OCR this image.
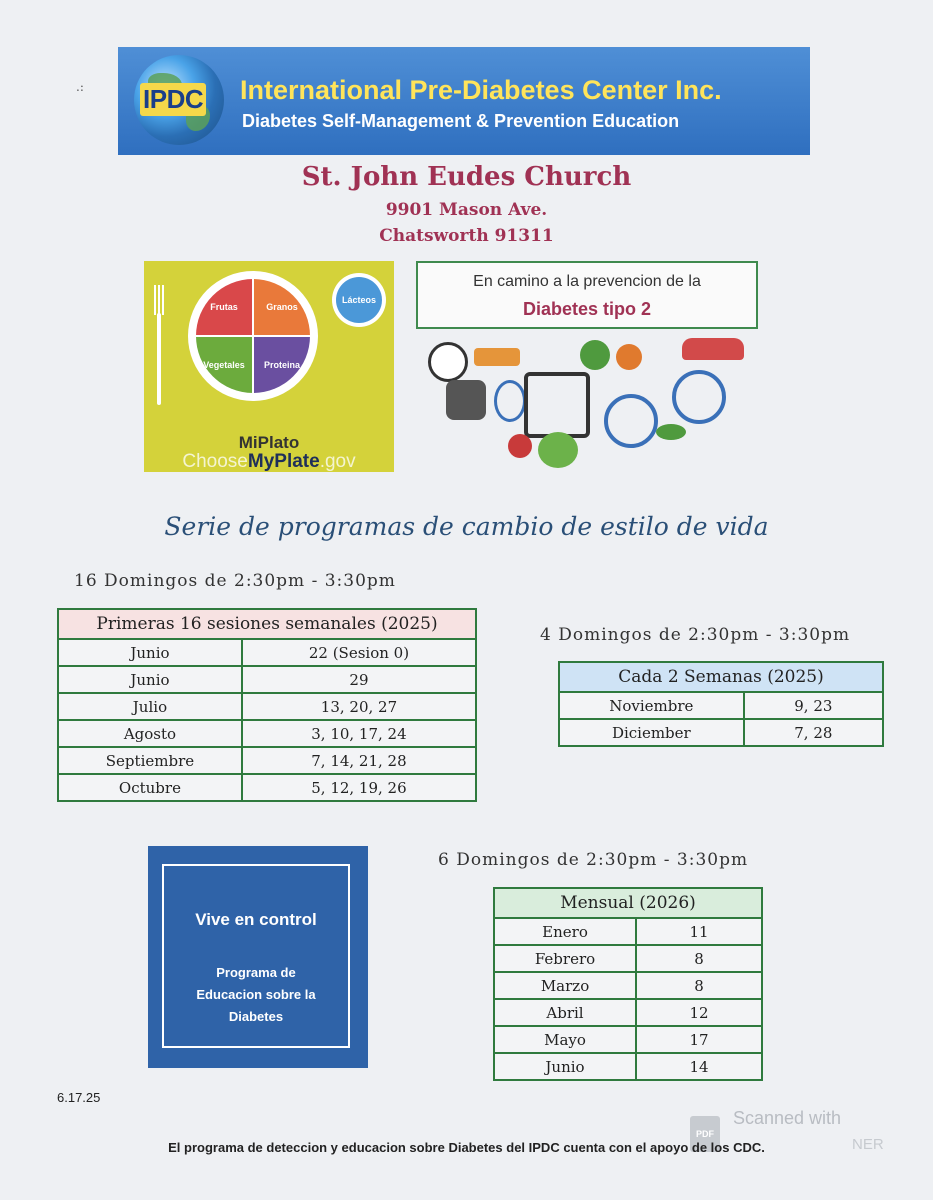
.: IPDC International Pre-Diabetes Center Inc.
Diabetes Self-Management & Prevention Education
St. John Eudes Church
9901 Mason Ave.
Chatsworth 91311
Frutas	Granos
Vegetales	Proteina
Lácteos
MiPlato
ChooseMyPlate.gov
En camino a la prevencion de la
Diabetes tipo 2
Serie de programas de cambio de estilo de vida
16 Domingos de 2:30pm - 3:30pm
Primeras 16 sesiones semanales (2025)	
Junio	22 (Sesion 0)
Junio	29
Julio	13, 20, 27
Agosto	3, 10, 17, 24
Septiembre	7, 14, 21, 28
Octubre	5, 12, 19, 26
4 Domingos de 2:30pm - 3:30pm
Cada 2 Semanas (2025)	
Noviembre	9, 23
Diciember	7, 28
6 Domingos de 2:30pm - 3:30pm
Mensual (2026)	
Enero	11
Febrero	8
Marzo	8
Abril	12
Mayo	17
Junio	14
Vive en control
Programa de
Educacion sobre la
Diabetes
6.17.25
PDF
Scanned with
NER
El programa de deteccion y educacion sobre Diabetes del IPDC cuenta con el apoyo de los CDC.
